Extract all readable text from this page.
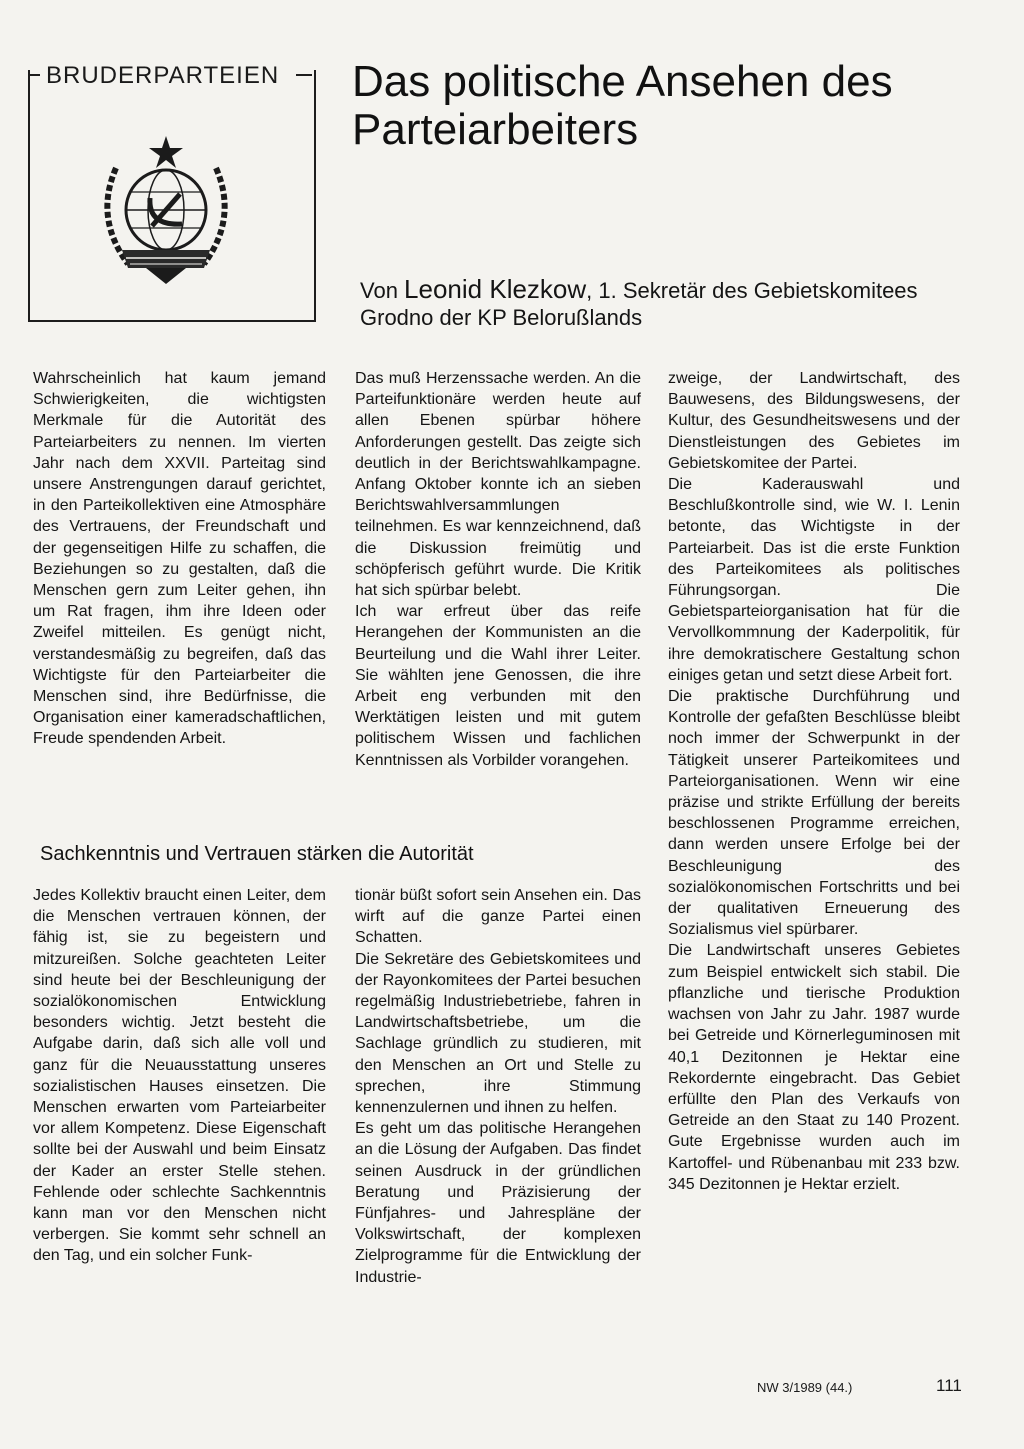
BRUDERPARTEIEN Das politische Ansehen des Parteiarbeiters
Von Leonid Klezkow, 1. Sekretär des Gebietskomitees Grodno der KP Belorußlands

Wahrscheinlich hat kaum jemand Schwierigkeiten, die wichtigsten Merkmale für die Autorität des Parteiarbeiters zu nennen. Im vierten Jahr nach dem XXVII. Parteitag sind unsere Anstrengungen darauf gerichtet, in den Parteikollektiven eine Atmosphäre des Vertrauens, der Freundschaft und der gegenseitigen Hilfe zu schaffen, die Beziehungen so zu gestalten, daß die Menschen gern zum Leiter gehen, ihn um Rat fragen, ihm ihre Ideen oder Zweifel mitteilen. Es genügt nicht, verstandesmäßig zu begreifen, daß das Wichtigste für den Parteiarbeiter die Menschen sind, ihre Bedürfnisse, die Organisation einer kameradschaftlichen, Freude spendenden Arbeit.

Das muß Herzenssache werden. An die Parteifunktionäre werden heute auf allen Ebenen spürbar höhere Anforderungen gestellt. Das zeigte sich deutlich in der Berichtswahlkampagne. Anfang Oktober konnte ich an sieben Berichtswahlversammlungen teilnehmen. Es war kennzeichnend, daß die Diskussion freimütig und schöpferisch geführt wurde. Die Kritik hat sich spürbar belebt.

Ich war erfreut über das reife Herangehen der Kommunisten an die Beurteilung und die Wahl ihrer Leiter. Sie wählten jene Genossen, die ihre Arbeit eng verbunden mit den Werktätigen leisten und mit gutem politischem Wissen und fachlichen Kenntnissen als Vorbilder vorangehen.

zweige, der Landwirtschaft, des Bauwesens, des Bildungswesens, der Kultur, des Gesundheitswesens und der Dienstleistungen des Gebietes im Gebietskomitee der Partei.

Die Kaderauswahl und Beschlußkontrolle sind, wie W. I. Lenin betonte, das Wichtigste in der Parteiarbeit. Das ist die erste Funktion des Parteikomitees als politisches Führungsorgan. Die Gebietsparteiorganisation hat für die Vervollkommnung der Kaderpolitik, für ihre demokratischere Gestaltung schon einiges getan und setzt diese Arbeit fort.

Die praktische Durchführung und Kontrolle der gefaßten Beschlüsse bleibt noch immer der Schwerpunkt in der Tätigkeit unserer Parteikomitees und Parteiorganisationen. Wenn wir eine präzise und strikte Erfüllung der bereits beschlossenen Programme erreichen, dann werden unsere Erfolge bei der Beschleunigung des sozialökonomischen Fortschritts und bei der qualitativen Erneuerung des Sozialismus viel spürbarer.

Die Landwirtschaft unseres Gebietes zum Beispiel entwickelt sich stabil. Die pflanzliche und tierische Produktion wachsen von Jahr zu Jahr. 1987 wurde bei Getreide und Körnerleguminosen mit 40,1 Dezitonnen je Hektar eine Rekordernte eingebracht. Das Gebiet erfüllte den Plan des Verkaufs von Getreide an den Staat zu 140 Prozent. Gute Ergebnisse wurden auch im Kartoffel- und Rübenanbau mit 233 bzw. 345 Dezitonnen je Hektar erzielt.

Sachkenntnis und Vertrauen stärken die Autorität

Jedes Kollektiv braucht einen Leiter, dem die Menschen vertrauen können, der fähig ist, sie zu begeistern und mitzureißen. Solche geachteten Leiter sind heute bei der Beschleunigung der sozialökonomischen Entwicklung besonders wichtig. Jetzt besteht die Aufgabe darin, daß sich alle voll und ganz für die Neuausstattung unseres sozialistischen Hauses einsetzen. Die Menschen erwarten vom Parteiarbeiter vor allem Kompetenz. Diese Eigenschaft sollte bei der Auswahl und beim Einsatz der Kader an erster Stelle stehen. Fehlende oder schlechte Sachkenntnis kann man vor den Menschen nicht verbergen. Sie kommt sehr schnell an den Tag, und ein solcher Funk-

tionär büßt sofort sein Ansehen ein. Das wirft auf die ganze Partei einen Schatten.

Die Sekretäre des Gebietskomitees und der Rayonkomitees der Partei besuchen regelmäßig Industriebetriebe, fahren in Landwirtschaftsbetriebe, um die Sachlage gründlich zu studieren, mit den Menschen an Ort und Stelle zu sprechen, ihre Stimmung kennenzulernen und ihnen zu helfen.

Es geht um das politische Herangehen an die Lösung der Aufgaben. Das findet seinen Ausdruck in der gründlichen Beratung und Präzisierung der Fünfjahres- und Jahrespläne der Volkswirtschaft, der komplexen Zielprogramme für die Entwicklung der Industrie-

NW 3/1989 (44.)	111
